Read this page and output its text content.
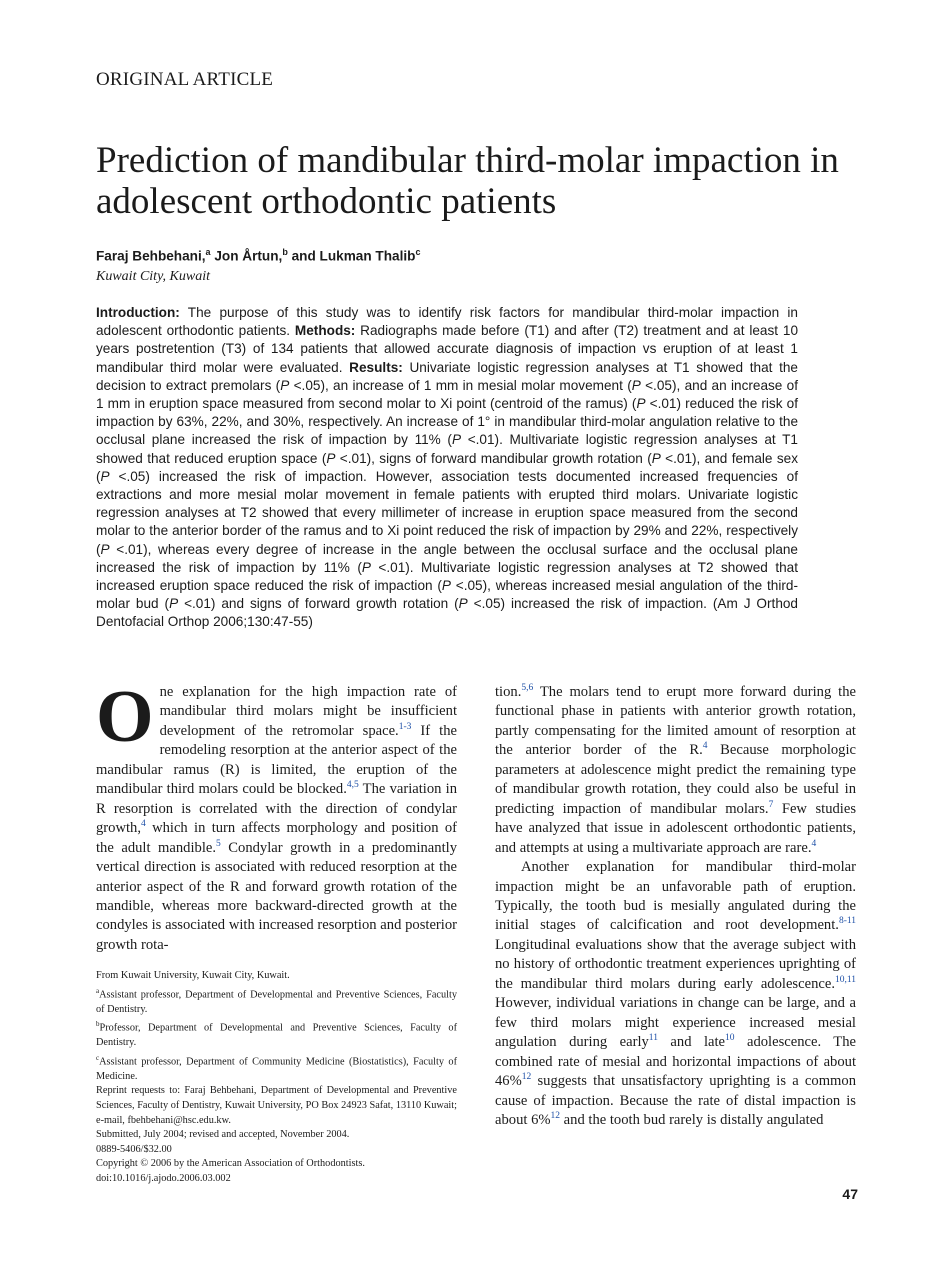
ORIGINAL ARTICLE
Prediction of mandibular third-molar impaction in adolescent orthodontic patients
Faraj Behbehani,$^a$ Jon Årtun,$^b$ and Lukman Thalib$^c$
Kuwait City, Kuwait
Introduction: The purpose of this study was to identify risk factors for mandibular third-molar impaction in adolescent orthodontic patients. Methods: Radiographs made before (T1) and after (T2) treatment and at least 10 years postretention (T3) of 134 patients that allowed accurate diagnosis of impaction vs eruption of at least 1 mandibular third molar were evaluated. Results: Univariate logistic regression analyses at T1 showed that the decision to extract premolars (P <.05), an increase of 1 mm in mesial molar movement (P <.05), and an increase of 1 mm in eruption space measured from second molar to Xi point (centroid of the ramus) (P <.01) reduced the risk of impaction by 63%, 22%, and 30%, respectively. An increase of 1° in mandibular third-molar angulation relative to the occlusal plane increased the risk of impaction by 11% (P <.01). Multivariate logistic regression analyses at T1 showed that reduced eruption space (P <.01), signs of forward mandibular growth rotation (P <.01), and female sex (P <.05) increased the risk of impaction. However, association tests documented increased frequencies of extractions and more mesial molar movement in female patients with erupted third molars. Univariate logistic regression analyses at T2 showed that every millimeter of increase in eruption space measured from the second molar to the anterior border of the ramus and to Xi point reduced the risk of impaction by 29% and 22%, respectively (P <.01), whereas every degree of increase in the angle between the occlusal surface and the occlusal plane increased the risk of impaction by 11% (P <.01). Multivariate logistic regression analyses at T2 showed that increased eruption space reduced the risk of impaction (P <.05), whereas increased mesial angulation of the third-molar bud (P <.01) and signs of forward growth rotation (P <.05) increased the risk of impaction. (Am J Orthod Dentofacial Orthop 2006;130:47-55)

One explanation for the high impaction rate of mandibular third molars might be insufficient development of the retromolar space.$^{1-3}$ If the remodeling resorption at the anterior aspect of the mandibular ramus (R) is limited, the eruption of the mandibular third molars could be blocked.$^{4,5}$ The variation in R resorption is correlated with the direction of condylar growth,$^4$ which in turn affects morphology and position of the adult mandible.$^5$ Condylar growth in a predominantly vertical direction is associated with reduced resorption at the anterior aspect of the R and forward growth rotation of the mandible, whereas more backward-directed growth at the condyles is associated with increased resorption and posterior growth rota-

From Kuwait University, Kuwait City, Kuwait.
$^a$Assistant professor, Department of Developmental and Preventive Sciences, Faculty of Dentistry.
$^b$Professor, Department of Developmental and Preventive Sciences, Faculty of Dentistry.
$^c$Assistant professor, Department of Community Medicine (Biostatistics), Faculty of Medicine.
Reprint requests to: Faraj Behbehani, Department of Developmental and Preventive Sciences, Faculty of Dentistry, Kuwait University, PO Box 24923 Safat, 13110 Kuwait; e-mail, fbehbehani@hsc.edu.kw.
Submitted, July 2004; revised and accepted, November 2004.
0889-5406/$32.00
Copyright © 2006 by the American Association of Orthodontists.
doi:10.1016/j.ajodo.2006.03.002

tion.$^{5,6}$ The molars tend to erupt more forward during the functional phase in patients with anterior growth rotation, partly compensating for the limited amount of resorption at the anterior border of the R.$^4$ Because morphologic parameters at adolescence might predict the remaining type of mandibular growth rotation, they could also be useful in predicting impaction of mandibular molars.$^7$ Few studies have analyzed that issue in adolescent orthodontic patients, and attempts at using a multivariate approach are rare.$^4$

Another explanation for mandibular third-molar impaction might be an unfavorable path of eruption. Typically, the tooth bud is mesially angulated during the initial stages of calcification and root development.$^{8-11}$ Longitudinal evaluations show that the average subject with no history of orthodontic treatment experiences uprighting of the mandibular third molars during early adolescence.$^{10,11}$ However, individual variations in change can be large, and a few third molars might experience increased mesial angulation during early$^{11}$ and late$^{10}$ adolescence. The combined rate of mesial and horizontal impactions of about 46%$^{12}$ suggests that unsatisfactory uprighting is a common cause of impaction. Because the rate of distal impaction is about 6%$^{12}$ and the tooth bud rarely is distally angulated

47
